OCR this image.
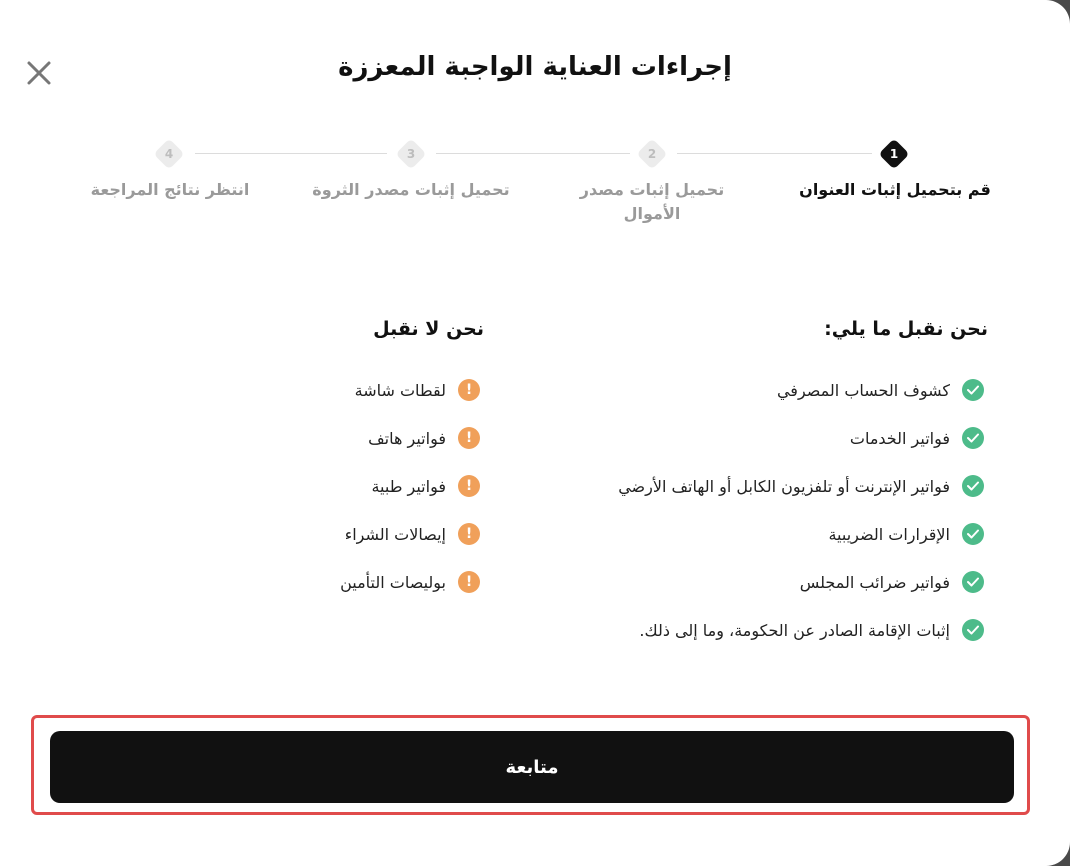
إجراءات العناية الواجبة المعززة
1
قم بتحميل إثبات العنوان
2
تحميل إثبات مصدر الأموال
3
تحميل إثبات مصدر الثروة
4
انتظر نتائج المراجعة
نحن نقبل ما يلي:
كشوف الحساب المصرفي
فواتير الخدمات
فواتير الإنترنت أو تلفزيون الكابل أو الهاتف الأرضي
الإقرارات الضريبية
فواتير ضرائب المجلس
إثبات الإقامة الصادر عن الحكومة، وما إلى ذلك.
نحن لا نقبل
!
لقطات شاشة
!
فواتير هاتف
!
فواتير طبية
!
إيصالات الشراء
!
بوليصات التأمين
متابعة
